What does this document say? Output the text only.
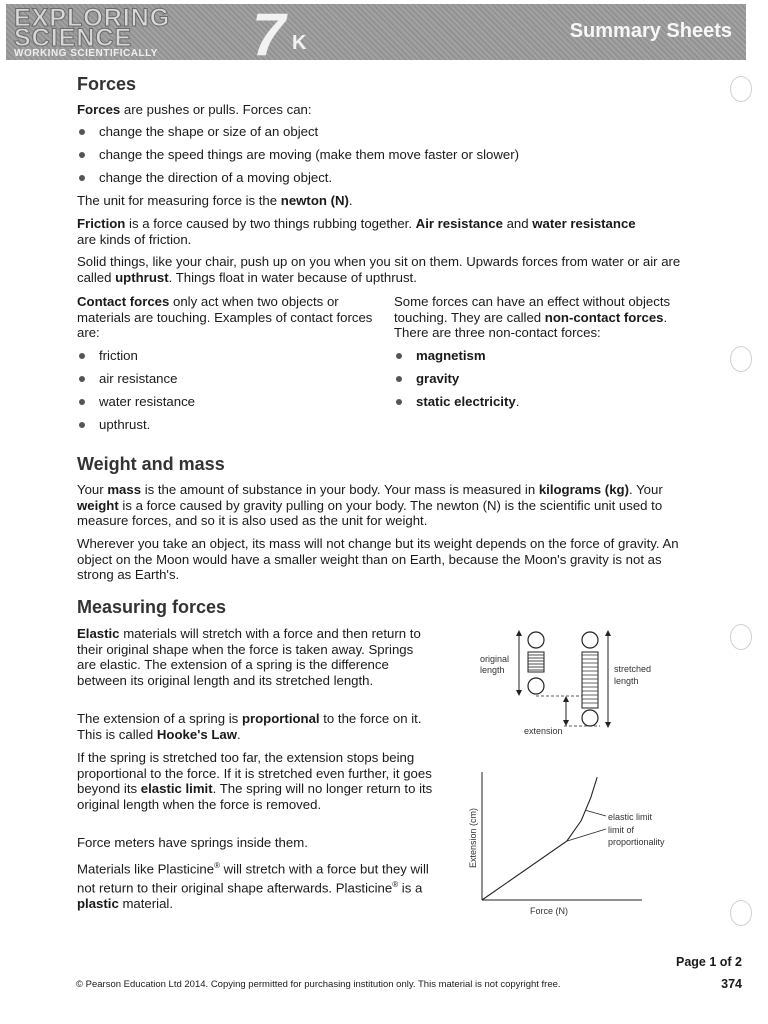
EXPLORING
SCIENCE
WORKING SCIENTIFICALLY 7 K
Summary Sheets
Forces
Forces are pushes or pulls. Forces can:
change the shape or size of an object
change the speed things are moving (make them move faster or slower)
change the direction of a moving object.
The unit for measuring force is the newton (N).
Friction is a force caused by two things rubbing together. Air resistance and water resistance
are kinds of friction.
Solid things, like your chair, push up on you when you sit on them. Upwards forces from water or air are called upthrust. Things float in water because of upthrust.
Contact forces only act when two objects or materials are touching. Examples of contact forces are:
friction
air resistance
water resistance
upthrust.
Some forces can have an effect without objects touching. They are called non-contact forces. There are three non-contact forces:
magnetism
gravity
static electricity.
Weight and mass
Your mass is the amount of substance in your body. Your mass is measured in kilograms (kg). Your weight is a force caused by gravity pulling on your body. The newton (N) is the scientific unit used to measure forces, and so it is also used as the unit for weight.
Wherever you take an object, its mass will not change but its weight depends on the force of gravity. An object on the Moon would have a smaller weight than on Earth, because the Moon's gravity is not as strong as Earth's.
Measuring forces
Elastic materials will stretch with a force and then return to their original shape when the force is taken away. Springs are elastic. The extension of a spring is the difference between its original length and its stretched length.
The extension of a spring is proportional to the force on it. This is called Hooke's Law.
If the spring is stretched too far, the extension stops being proportional to the force. If it is stretched even further, it goes beyond its elastic limit. The spring will no longer return to its original length when the force is removed.
Force meters have springs inside them.
Materials like Plasticine® will stretch with a force but they will not return to their original shape afterwards. Plasticine® is a plastic material.
original
length	stretched
length
extension
Extension (cm)
Force (N)
elastic limit
limit of proportionality
Page 1 of 2
374
© Pearson Education Ltd 2014. Copying permitted for purchasing institution only. This material is not copyright free.
